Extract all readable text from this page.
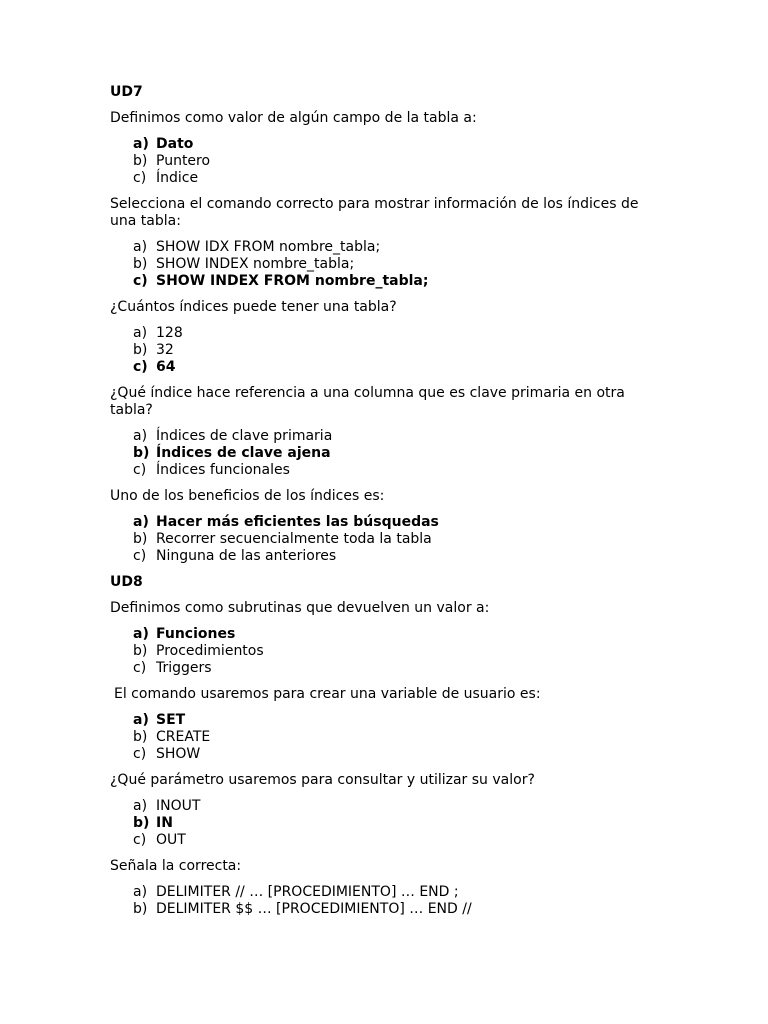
UD7
Definimos como valor de algún campo de la tabla a:
a) Dato
b) Puntero
c) Índice
Selecciona el comando correcto para mostrar información de los índices de una tabla:
a) SHOW IDX FROM nombre_tabla;
b) SHOW INDEX nombre_tabla;
c) SHOW INDEX FROM nombre_tabla;
¿Cuántos índices puede tener una tabla?
a) 128
b) 32
c) 64
¿Qué índice hace referencia a una columna que es clave primaria en otra tabla?
a) Índices de clave primaria
b) Índices de clave ajena
c) Índices funcionales
Uno de los beneficios de los índices es:
a) Hacer más eficientes las búsquedas
b) Recorrer secuencialmente toda la tabla
c) Ninguna de las anteriores
UD8
Definimos como subrutinas que devuelven un valor a:
a) Funciones
b) Procedimientos
c) Triggers
El comando usaremos para crear una variable de usuario es:
a) SET
b) CREATE
c) SHOW
¿Qué parámetro usaremos para consultar y utilizar su valor?
a) INOUT
b) IN
c) OUT
Señala la correcta:
a) DELIMITER // … [PROCEDIMIENTO] … END ;
b) DELIMITER $$ … [PROCEDIMIENTO] … END //
